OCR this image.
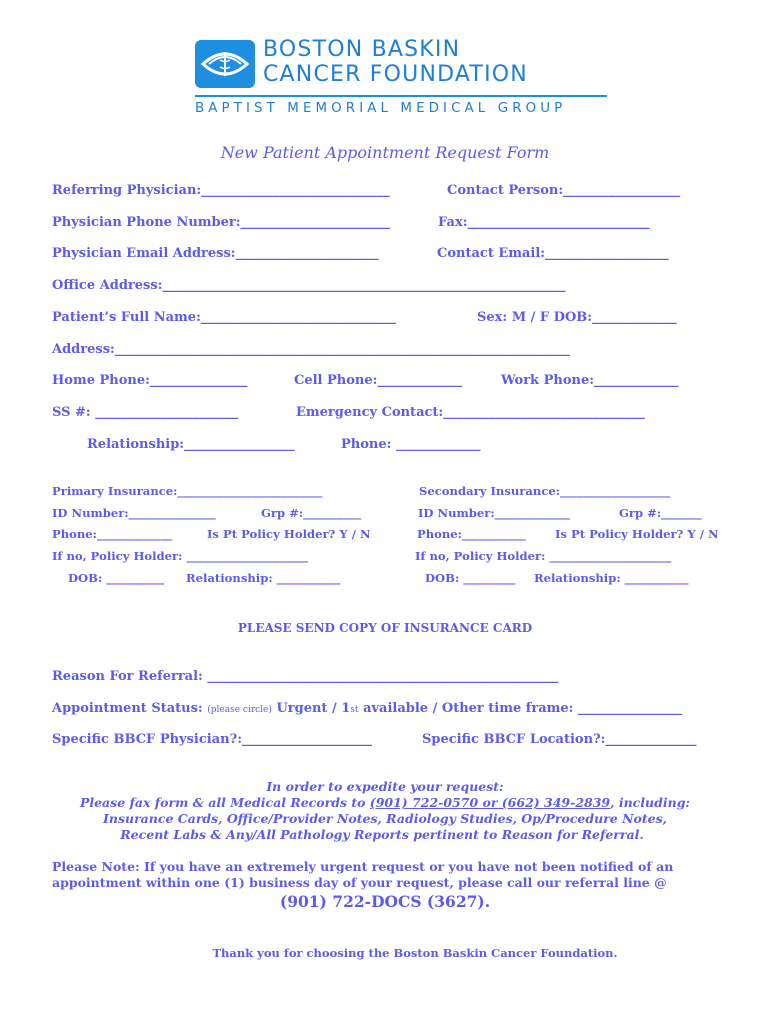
BOSTON BASKIN
CANCER FOUNDATION
BAPTIST MEMORIAL MEDICAL GROUP
New Patient Appointment Request Form
Referring Physician:_____________________________	Contact Person:__________________
Physician Phone Number:_______________________	Fax:____________________________
Physician Email Address:______________________	Contact Email:___________________
Office Address:______________________________________________________________
Patient’s Full Name:______________________________	Sex: M / F DOB:_____________
Address:______________________________________________________________________
Home Phone:_______________	Cell Phone:_____________	Work Phone:_____________
SS #: ______________________	Emergency Contact:_______________________________
Relationship:_________________	Phone: _____________
Primary Insurance:_________________________
ID Number:_______________	Grp #:__________
Phone:_____________	Is Pt Policy Holder? Y / N
If no, Policy Holder: _____________________
DOB: __________ Relationship: ___________
Secondary Insurance:___________________
ID Number:_____________	Grp #:_______
Phone:___________	Is Pt Policy Holder? Y / N
If no, Policy Holder: _____________________
DOB: _________ Relationship: ___________
PLEASE SEND COPY OF INSURANCE CARD
Reason For Referral: ______________________________________________________
Appointment Status: (please circle) Urgent / 1st available / Other time frame: ________________
Specific BBCF Physician?:____________________	Specific BBCF Location?:______________
In order to expedite your request:
Please fax form & all Medical Records to (901) 722-0570 or (662) 349-2839, including:
Insurance Cards, Office/Provider Notes, Radiology Studies, Op/Procedure Notes,
Recent Labs & Any/All Pathology Reports pertinent to Reason for Referral.
Please Note: If you have an extremely urgent request or you have not been notified of an
appointment within one (1) business day of your request, please call our referral line @
(901) 722-DOCS (3627).
Thank you for choosing the Boston Baskin Cancer Foundation.
